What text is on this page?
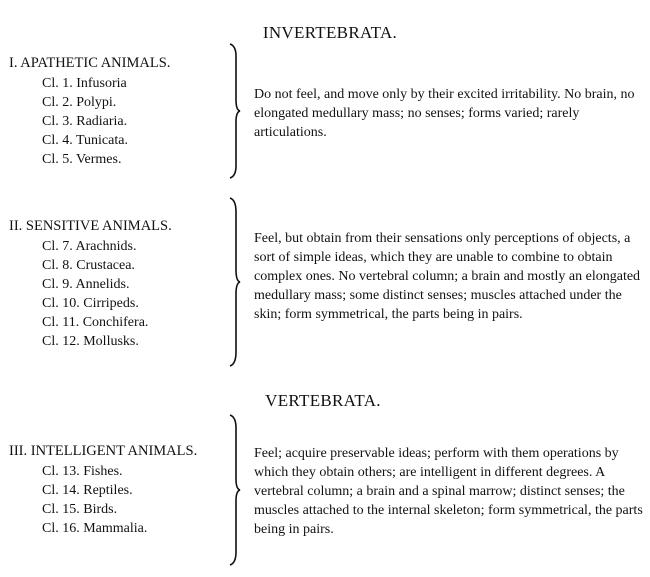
INVERTEBRATA.
I. APATHETIC ANIMALS.
Cl. 1. Infusoria
Cl. 2. Polypi.
Cl. 3. Radiaria.
Cl. 4. Tunicata.
Cl. 5. Vermes.
Do not feel, and move only by their excited irritability. No brain, no elongated medullary mass; no senses; forms varied; rarely articulations.
II. SENSITIVE ANIMALS.
Cl. 7. Arachnids.
Cl. 8. Crustacea.
Cl. 9. Annelids.
Cl. 10. Cirripeds.
Cl. 11. Conchifera.
Cl. 12. Mollusks.
Feel, but obtain from their sensations only perceptions of objects, a sort of simple ideas, which they are unable to combine to obtain complex ones. No vertebral column; a brain and mostly an elongated medullary mass; some distinct senses; muscles attached under the skin; form symmetrical, the parts being in pairs.
VERTEBRATA.
III. INTELLIGENT ANIMALS.
Cl. 13. Fishes.
Cl. 14. Reptiles.
Cl. 15. Birds.
Cl. 16. Mammalia.
Feel; acquire preservable ideas; perform with them operations by which they obtain others; are intelligent in different degrees. A vertebral column; a brain and a spinal marrow; distinct senses; the muscles attached to the internal skeleton; form symmetrical, the parts being in pairs.
